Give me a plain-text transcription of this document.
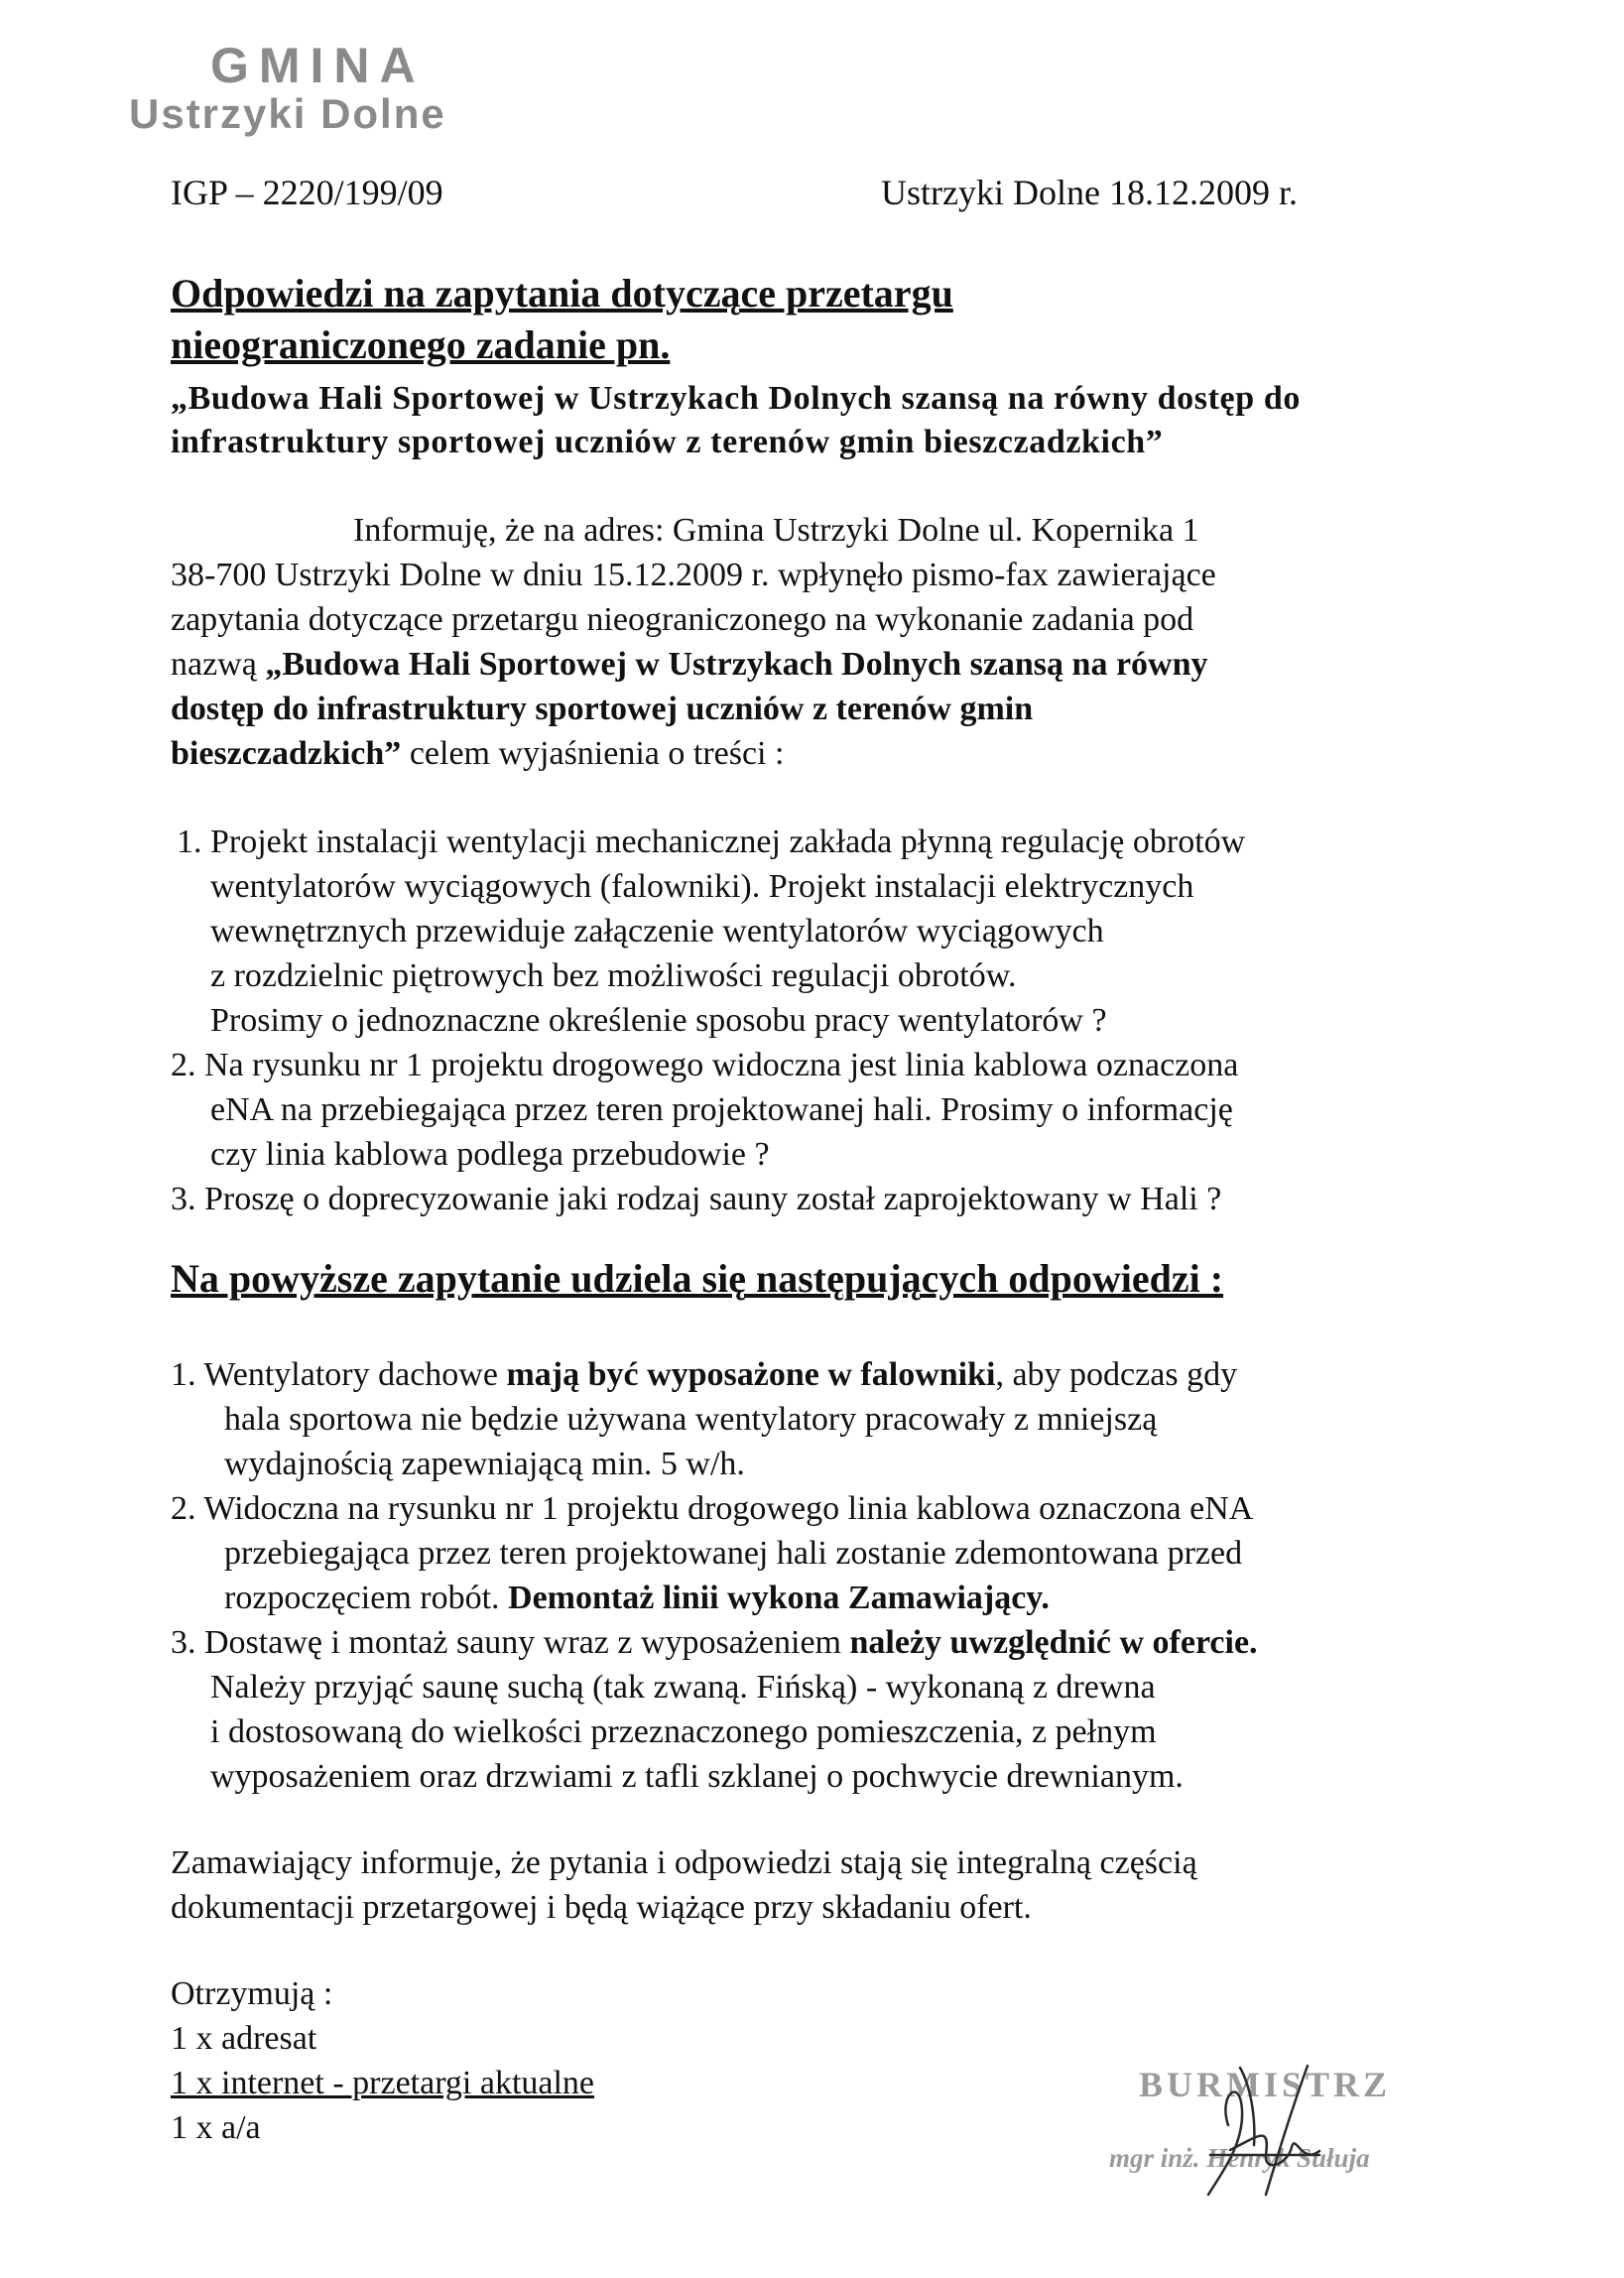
GMINA
Ustrzyki Dolne
IGP – 2220/199/09	Ustrzyki Dolne 18.12.2009 r.
Odpowiedzi na zapytania dotyczące przetargu
nieograniczonego zadanie pn.
„Budowa Hali Sportowej w Ustrzykach Dolnych szansą na równy dostęp do
infrastruktury sportowej uczniów z terenów gmin bieszczadzkich”
Informuję, że na adres: Gmina Ustrzyki Dolne ul. Kopernika 1
38-700 Ustrzyki Dolne w dniu 15.12.2009 r. wpłynęło pismo-fax zawierające
zapytania dotyczące przetargu nieograniczonego na wykonanie zadania pod
nazwą „Budowa Hali Sportowej w Ustrzykach Dolnych szansą na równy
dostęp do infrastruktury sportowej uczniów z terenów gmin
bieszczadzkich” celem wyjaśnienia o treści :
1. Projekt instalacji wentylacji mechanicznej zakłada płynną regulację obrotów
wentylatorów wyciągowych (falowniki). Projekt instalacji elektrycznych
wewnętrznych przewiduje załączenie wentylatorów wyciągowych
z rozdzielnic piętrowych bez możliwości regulacji obrotów.
Prosimy o jednoznaczne określenie sposobu pracy wentylatorów ?
2. Na rysunku nr 1 projektu drogowego widoczna jest linia kablowa oznaczona
eNA na przebiegająca przez teren projektowanej hali. Prosimy o informację
czy linia kablowa podlega przebudowie ?
3. Proszę o doprecyzowanie jaki rodzaj sauny został zaprojektowany w Hali ?
Na powyższe zapytanie udziela się następujących odpowiedzi :
1. Wentylatory dachowe mają być wyposażone w falowniki, aby podczas gdy
hala sportowa nie będzie używana wentylatory pracowały z mniejszą
wydajnością zapewniającą min. 5 w/h.
2. Widoczna na rysunku nr 1 projektu drogowego linia kablowa oznaczona eNA
przebiegająca przez teren projektowanej hali zostanie zdemontowana przed
rozpoczęciem robót. Demontaż linii wykona Zamawiający.
3. Dostawę i montaż sauny wraz z wyposażeniem należy uwzględnić w ofercie.
Należy przyjąć saunę suchą (tak zwaną. Fińską) - wykonaną z drewna
i dostosowaną do wielkości przeznaczonego pomieszczenia, z pełnym
wyposażeniem oraz drzwiami z tafli szklanej o pochwycie drewnianym.
Zamawiający informuje, że pytania i odpowiedzi stają się integralną częścią
dokumentacji przetargowej i będą wiążące przy składaniu ofert.
Otrzymują :
1 x adresat
1 x internet - przetargi aktualne
1 x a/a
BURMISTRZ
mgr inż. Henryk Sułuja
